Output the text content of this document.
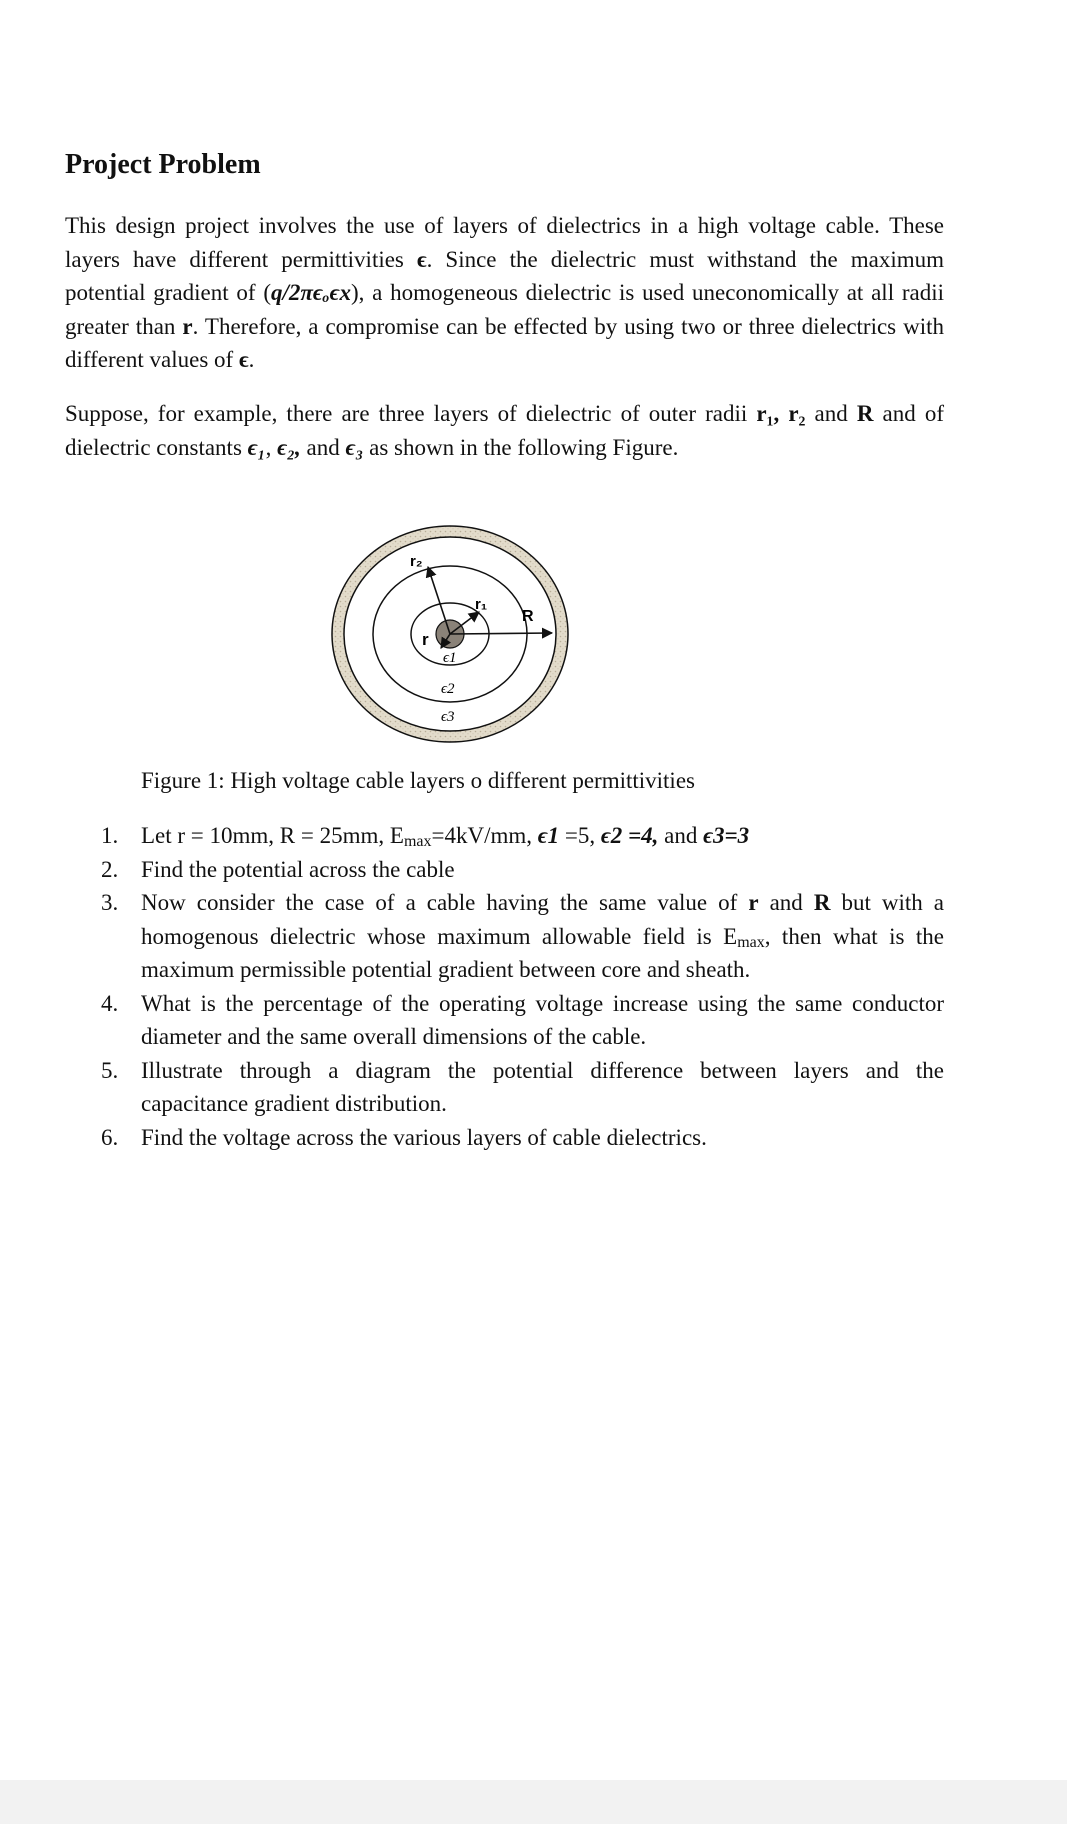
Project Problem

This design project involves the use of layers of dielectrics in a high voltage cable. These layers have different permittivities ϵ. Since the dielectric must withstand the maximum potential gradient of (q/2πϵₒϵx), a homogeneous dielectric is used uneconomically at all radii greater than r. Therefore, a compromise can be effected by using two or three dielectrics with different values of ϵ.

Suppose, for example, there are three layers of dielectric of outer radii r₁, r₂ and R and of dielectric constants ϵ₁, ϵ₂, and ϵ₃ as shown in the following Figure.

r
r₁
r₂
R
ϵ1
ϵ2
ϵ3

Figure 1: High voltage cable layers o different permittivities

1. Let r = 10mm, R = 25mm, $E_{max}=4kV/mm$, ϵ1 =5, ϵ2 =4, and ϵ3=3
2. Find the potential across the cable
3. Now consider the case of a cable having the same value of r and R but with a homogenous dielectric whose maximum allowable field is $E_{max}$, then what is the maximum permissible potential gradient between core and sheath.
4. What is the percentage of the operating voltage increase using the same conductor diameter and the same overall dimensions of the cable.
5. Illustrate through a diagram the potential difference between layers and the capacitance gradient distribution.
6. Find the voltage across the various layers of cable dielectrics.
